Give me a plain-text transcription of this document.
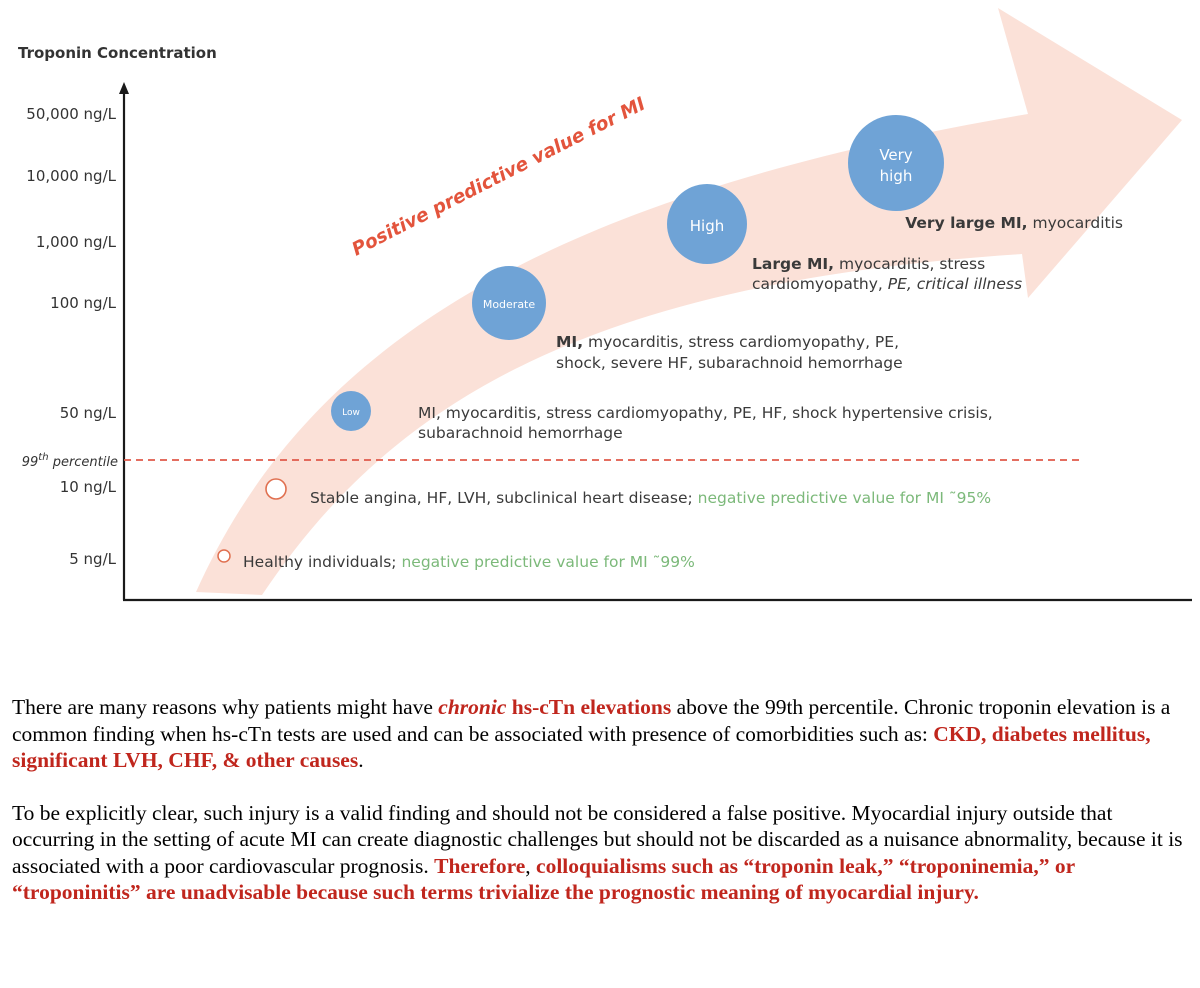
Troponin Concentration
50,000 ng/L
10,000 ng/L
1,000 ng/L
100 ng/L
50 ng/L
10 ng/L
5 ng/L
99th percentile
Positive predictive value for MI
Healthy individuals; negative predictive value for MI ˜99%
Stable angina, HF, LVH, subclinical heart disease; negative predictive value for MI ˜95%
Low	MI, myocarditis, stress cardiomyopathy, PE, HF, shock hypertensive crisis,
subarachnoid hemorrhage
Moderate
MI, myocarditis, stress cardiomyopathy, PE,
shock, severe HF, subarachnoid hemorrhage
High
Large MI, myocarditis, stress
cardiomyopathy, PE, critical illness
Very
high
Very large MI, myocarditis

There are many reasons why patients might have chronic hs-cTn elevations above the 99th percentile. Chronic troponin elevation is a common finding when hs-cTn tests are used and can be associated with presence of comorbidities such as: CKD, diabetes mellitus, significant LVH, CHF, & other causes.

To be explicitly clear, such injury is a valid finding and should not be considered a false positive. Myocardial injury outside that occurring in the setting of acute MI can create diagnostic challenges but should not be discarded as a nuisance abnormality, because it is associated with a poor cardiovascular prognosis. Therefore, colloquialisms such as “troponin leak,” “troponinemia,” or “troponinitis” are unadvisable because such terms trivialize the prognostic meaning of myocardial injury.
